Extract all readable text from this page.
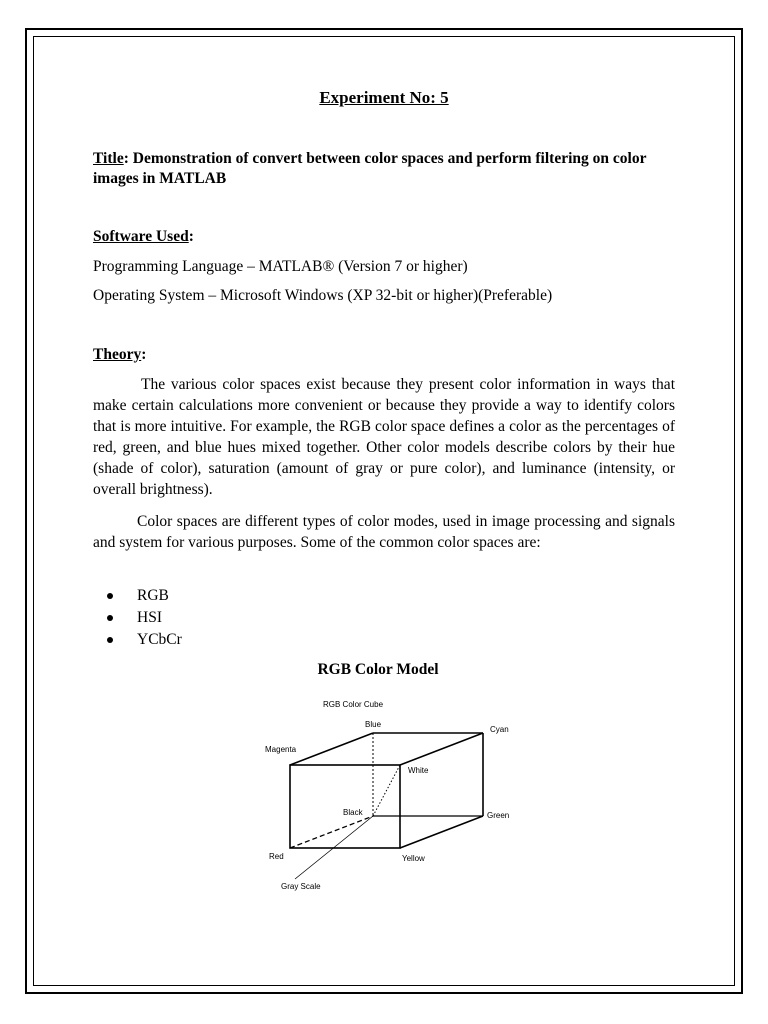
Experiment No: 5
Title: Demonstration of convert between color spaces and perform filtering on color images in MATLAB
Software Used:
Programming Language – MATLAB® (Version 7 or higher)
Operating System – Microsoft Windows (XP 32-bit or higher)(Preferable)
Theory:

The various color spaces exist because they present color information in ways that make certain calculations more convenient or because they provide a way to identify colors that is more intuitive. For example, the RGB color space defines a color as the percentages of red, green, and blue hues mixed together. Other color models describe colors by their hue (shade of color), saturation (amount of gray or pure color), and luminance (intensity, or overall brightness).

Color spaces are different types of color modes, used in image processing and signals and system for various purposes. Some of the common color spaces are:

RGB
HSI
YCbCr
RGB Color Model
RGB Color Cube
Blue
Cyan
Magenta
White
Black	Green
Red	Yellow
Gray Scale
